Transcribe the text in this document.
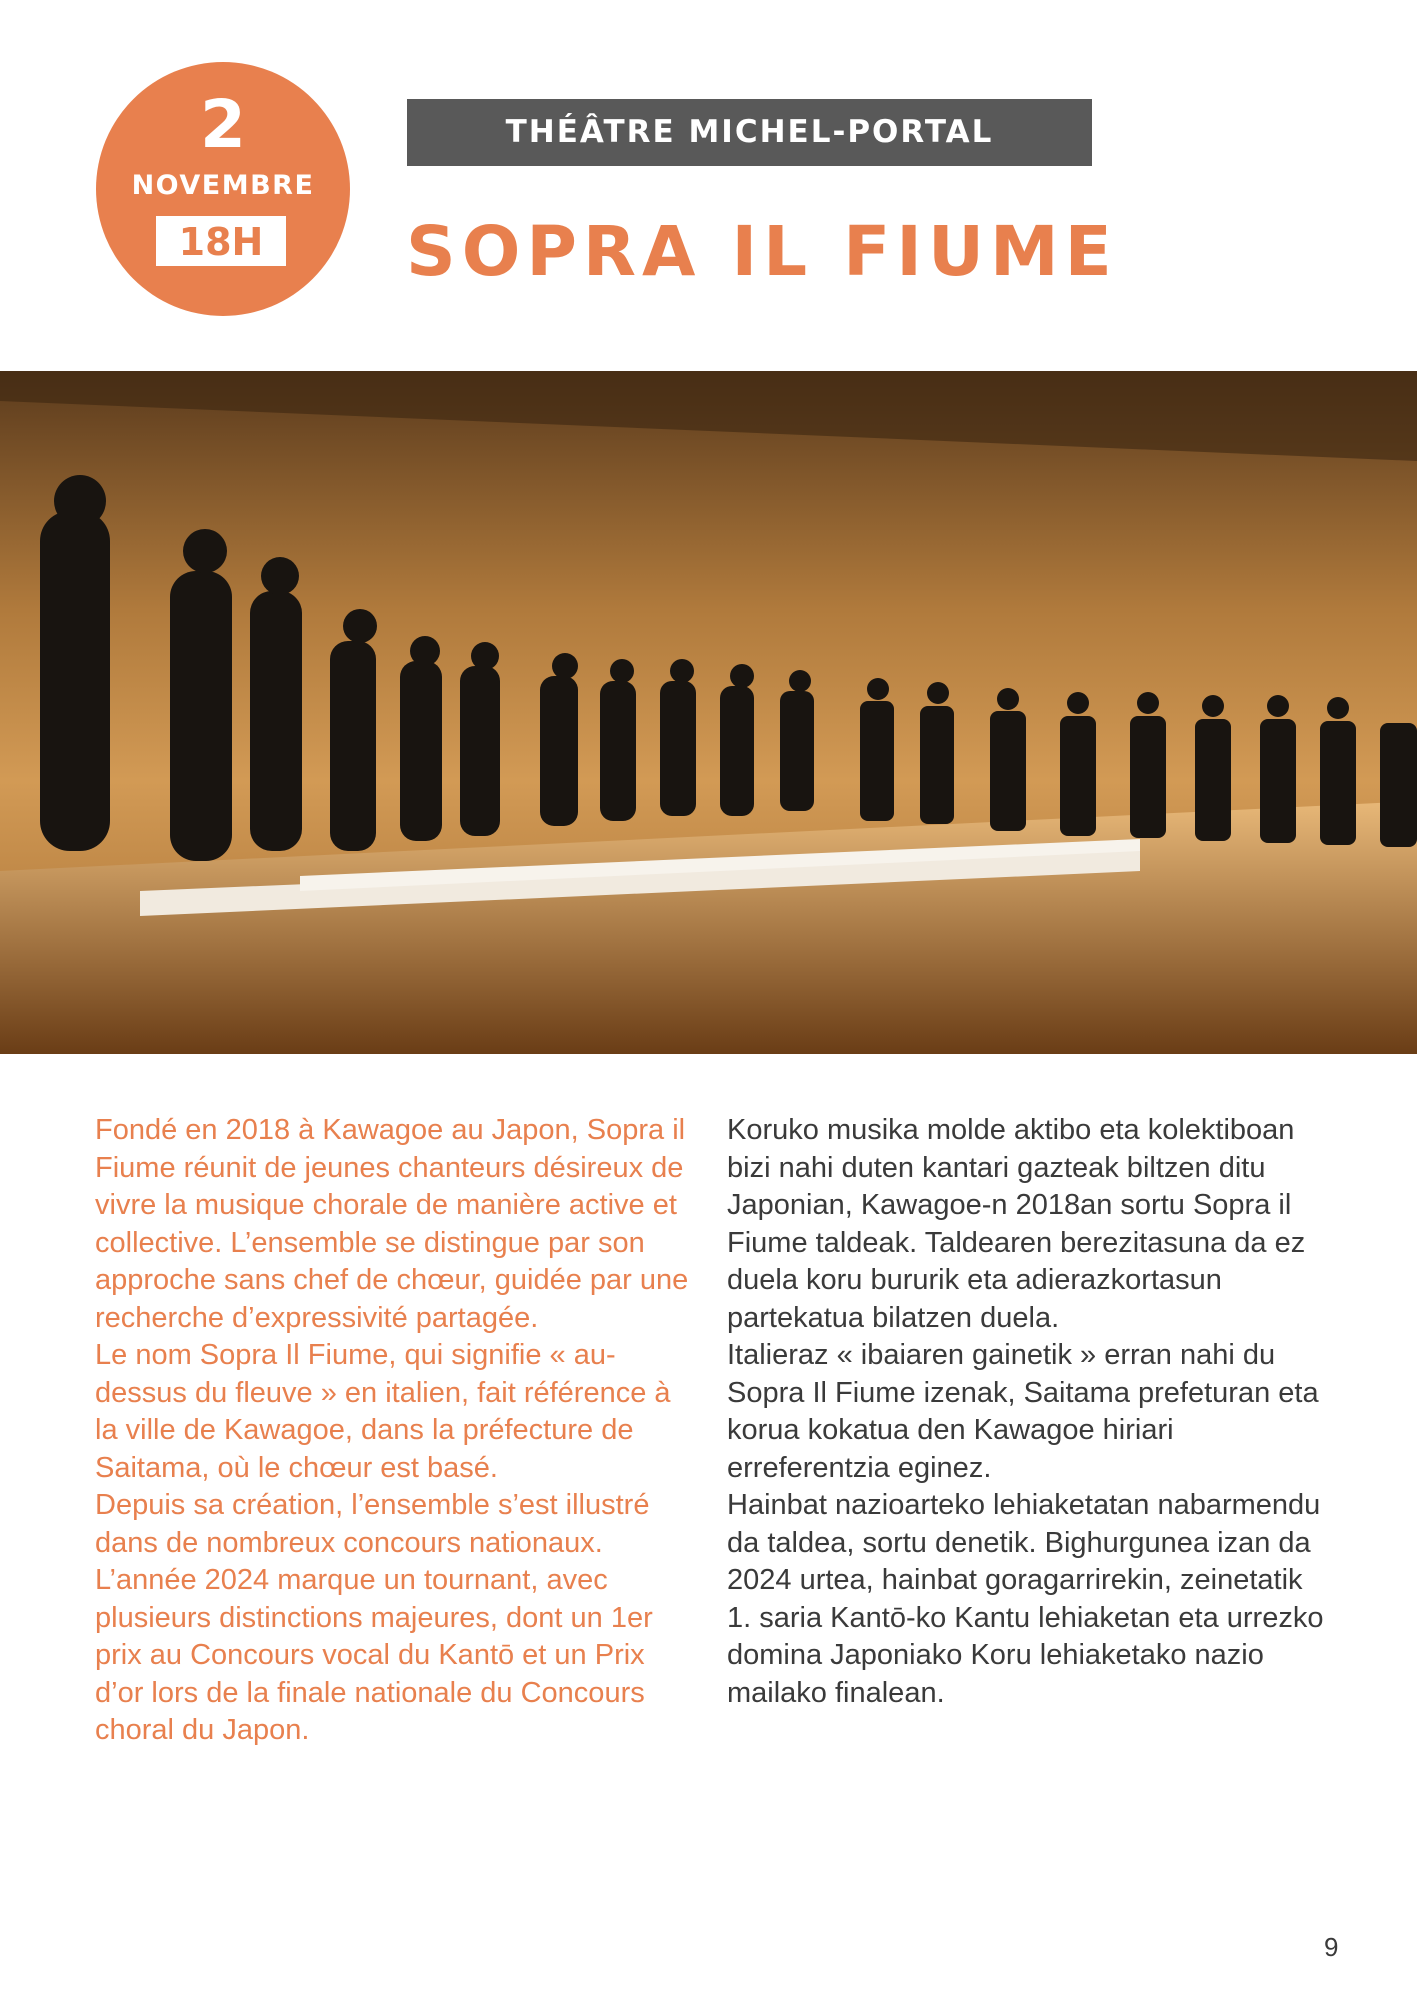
2
NOVEMBRE
18H
THÉÂTRE MICHEL-PORTAL
SOPRA IL FIUME

Fondé en 2018 à Kawagoe au Japon, Sopra il Fiume réunit de jeunes chanteurs désireux de vivre la musique chorale de manière active et collective. L’ensemble se distingue par son approche sans chef de chœur, guidée par une recherche d’expressivité partagée.

Le nom Sopra Il Fiume, qui signifie « au-dessus du fleuve » en italien, fait référence à la ville de Kawagoe, dans la préfecture de Saitama, où le chœur est basé.

Depuis sa création, l’ensemble s’est illustré dans de nombreux concours nationaux. L’année 2024 marque un tournant, avec plusieurs distinctions majeures, dont un 1er prix au Concours vocal du Kantō et un Prix d’or lors de la finale nationale du Concours choral du Japon.

Koruko musika molde aktibo eta kolektiboan bizi nahi duten kantari gazteak biltzen ditu Japonian, Kawagoe-n 2018an sortu Sopra il Fiume taldeak. Taldearen berezitasuna da ez duela koru bururik eta adierazkortasun partekatua bilatzen duela.

Italieraz « ibaiaren gainetik » erran nahi du Sopra Il Fiume izenak, Saitama prefeturan eta korua kokatua den Kawagoe hiriari erreferentzia eginez.

Hainbat nazioarteko lehiaketatan nabarmendu da taldea, sortu denetik. Bighurgunea izan da 2024 urtea, hainbat goragarrirekin, zeinetatik 1. saria Kantō-ko Kantu lehiaketan eta urrezko domina Japoniako Koru lehiaketako nazio mailako finalean.

9
